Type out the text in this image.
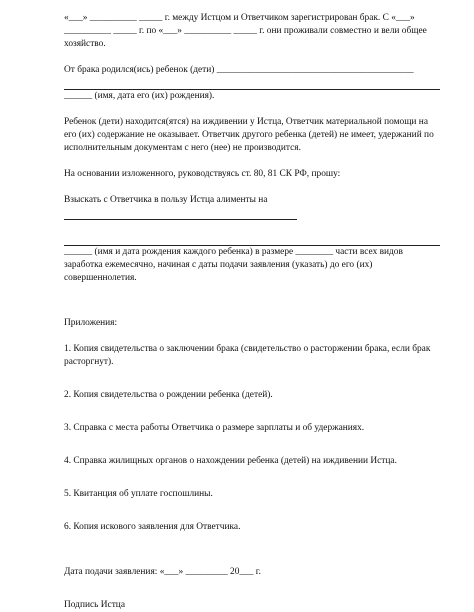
«___» __________ _____ г. между Истцом и Ответчиком зарегистрирован брак. С «___» __________ _____ г. по «___» __________ _____ г. они проживали совместно и вели общее хозяйство.

От брака родился(ись) ребенок (дети) __________________________________________

______ (имя, дата его (их) рождения).

Ребенок (дети) находится(ятся) на иждивении у Истца, Ответчик материальной помощи на его (их) содержание не оказывает. Ответчик другого ребенка (детей) не имеет, удержаний по исполнительным документам с него (нее) не производится.

На основании изложенного, руководствуясь ст. 80, 81 СК РФ, прошу:

Взыскать с Ответчика в пользу Истца алименты на

______ (имя и дата рождения каждого ребенка) в размере ________ части всех видов заработка ежемесячно, начиная с даты подачи заявления (указать) до его (их) совершеннолетия.

Приложения:

1. Копия свидетельства о заключении брака (свидетельство о расторжении брака, если брак расторгнут).

2. Копия свидетельства о рождении ребенка (детей).

3. Справка с места работы Ответчика о размере зарплаты и об удержаниях.

4. Справка жилищных органов о нахождении ребенка (детей) на иждивении Истца.

5. Квитанция об уплате госпошлины.

6. Копия искового заявления для Ответчика.

Дата подачи заявления: «___» _________ 20___ г.

Подпись Истца
